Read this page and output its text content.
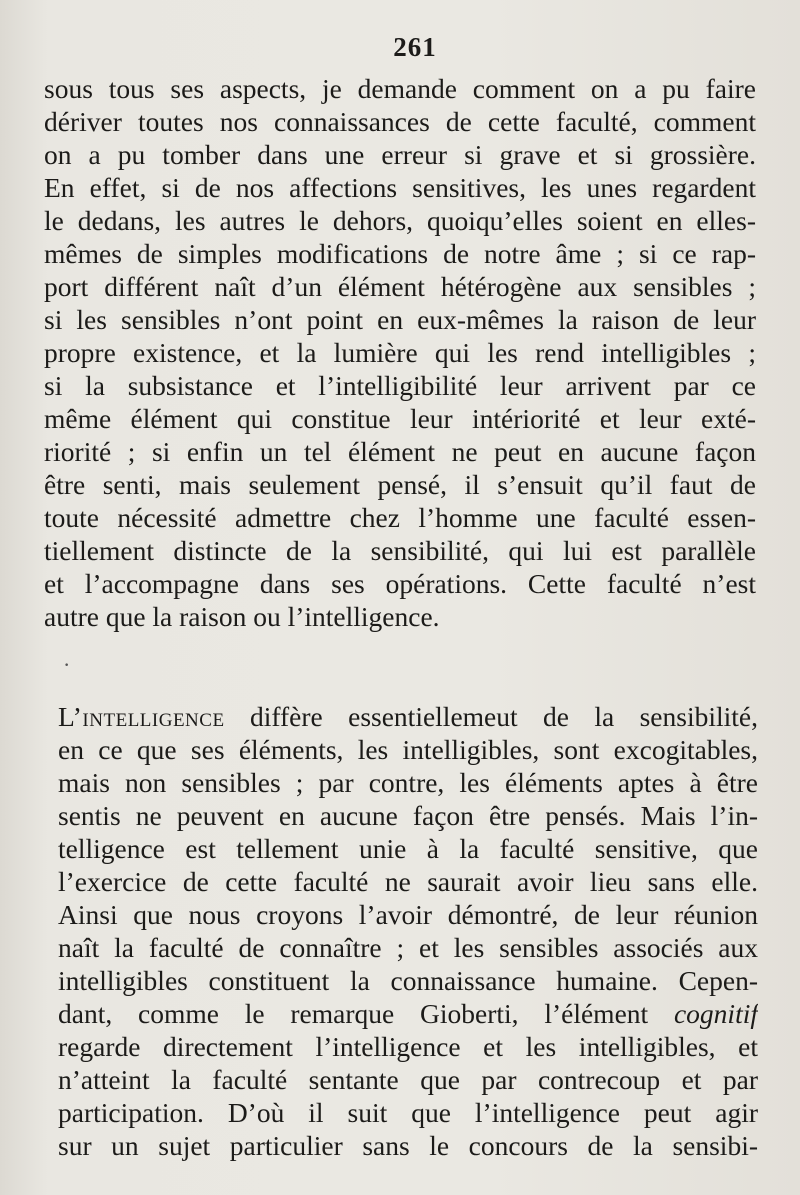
261
sous tous ses aspects, je demande comment on a pu faire
dériver toutes nos connaissances de cette faculté, comment
on a pu tomber dans une erreur si grave et si grossière.
En effet, si de nos affections sensitives, les unes regardent
le dedans, les autres le dehors, quoiqu’elles soient en elles-
mêmes de simples modifications de notre âme ; si ce rap-
port différent naît d’un élément hétérogène aux sensibles ;
si les sensibles n’ont point en eux-mêmes la raison de leur
propre existence, et la lumière qui les rend intelligibles ;
si la subsistance et l’intelligibilité leur arrivent par ce
même élément qui constitue leur intériorité et leur exté-
riorité ; si enfin un tel élément ne peut en aucune façon
être senti, mais seulement pensé, il s’ensuit qu’il faut de
toute nécessité admettre chez l’homme une faculté essen-
tiellement distincte de la sensibilité, qui lui est parallèle
et l’accompagne dans ses opérations. Cette faculté n’est
autre que la raison ou l’intelligence.
·
L’intelligence diffère essentiellemeut de la sensibilité,
en ce que ses éléments, les intelligibles, sont excogitables,
mais non sensibles ; par contre, les éléments aptes à être
sentis ne peuvent en aucune façon être pensés. Mais l’in-
telligence est tellement unie à la faculté sensitive, que
l’exercice de cette faculté ne saurait avoir lieu sans elle.
Ainsi que nous croyons l’avoir démontré, de leur réunion
naît la faculté de connaître ; et les sensibles associés aux
intelligibles constituent la connaissance humaine. Cepen-
dant, comme le remarque Gioberti, l’élément cognitif
regarde directement l’intelligence et les intelligibles, et
n’atteint la faculté sentante que par contrecoup et par
participation. D’où il suit que l’intelligence peut agir
sur un sujet particulier sans le concours de la sensibi-
